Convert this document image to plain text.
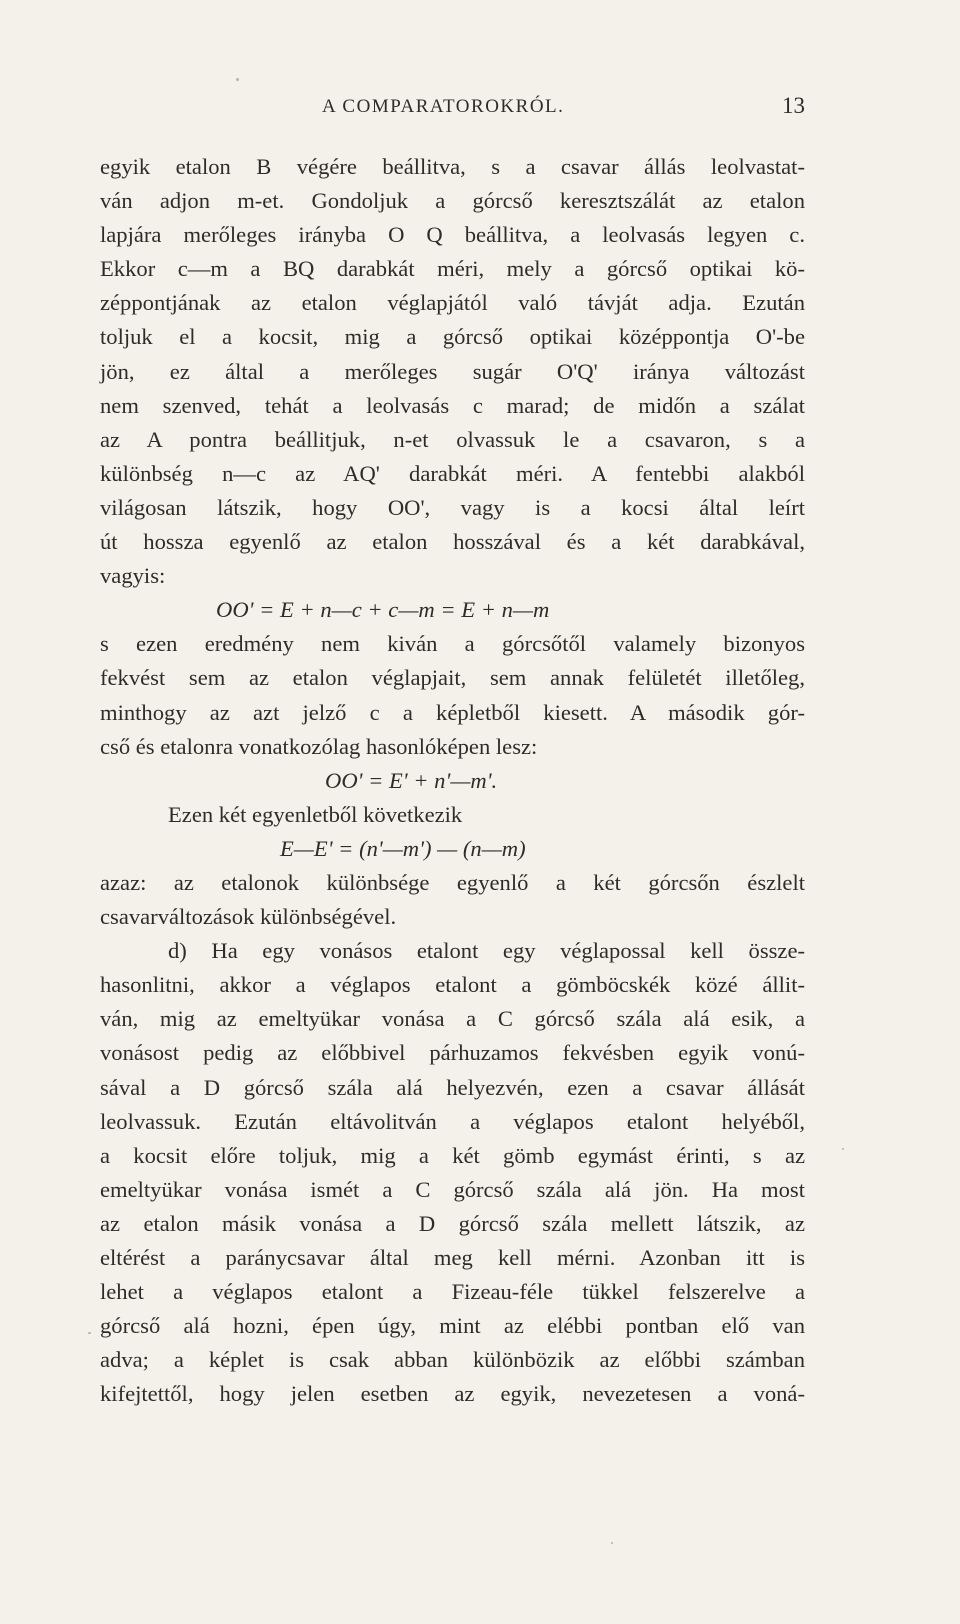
A COMPARATOROKRÓL.	13
egyik etalon B végére beállitva, s a csavar állás leolvastat-
ván adjon m-et. Gondoljuk a górcső keresztszálát az etalon
lapjára merőleges irányba O Q beállitva, a leolvasás legyen c.
Ekkor c—m a BQ darabkát méri, mely a górcső optikai kö-
zéppontjának az etalon véglapjától való távját adja. Ezután
toljuk el a kocsit, mig a górcső optikai középpontja O'-be
jön, ez által a merőleges sugár O'Q' iránya változást
nem szenved, tehát a leolvasás c marad; de midőn a szálat
az A pontra beállitjuk, n-et olvassuk le a csavaron, s a
különbség n—c az AQ' darabkát méri. A fentebbi alakból
világosan látszik, hogy OO', vagy is a kocsi által leírt
út hossza egyenlő az etalon hosszával és a két darabkával,
vagyis:
OO' = E + n—c + c—m = E + n—m
s ezen eredmény nem kiván a górcsőtől valamely bizonyos
fekvést sem az etalon véglapjait, sem annak felületét illetőleg,
minthogy az azt jelző c a képletből kiesett. A második gór-
cső és etalonra vonatkozólag hasonlóképen lesz:
OO' = E' + n'—m'.
Ezen két egyenletből következik
E—E' = (n'—m') — (n—m)
azaz: az etalonok különbsége egyenlő a két górcsőn észlelt
csavarváltozások különbségével.
d) Ha egy vonásos etalont egy véglapossal kell össze-
hasonlitni, akkor a véglapos etalont a gömböcskék közé állit-
ván, mig az emeltyükar vonása a C górcső szála alá esik, a
vonásost pedig az előbbivel párhuzamos fekvésben egyik vonú-
sával a D górcső szála alá helyezvén, ezen a csavar állását
leolvassuk. Ezután eltávolitván a véglapos etalont helyéből,
a kocsit előre toljuk, mig a két gömb egymást érinti, s az
emeltyükar vonása ismét a C górcső szála alá jön. Ha most
az etalon másik vonása a D górcső szála mellett látszik, az
eltérést a paránycsavar által meg kell mérni. Azonban itt is
lehet a véglapos etalont a Fizeau-féle tükkel felszerelve a
górcső alá hozni, épen úgy, mint az elébbi pontban elő van
adva; a képlet is csak abban különbözik az előbbi számban
kifejtettől, hogy jelen esetben az egyik, nevezetesen a voná-
